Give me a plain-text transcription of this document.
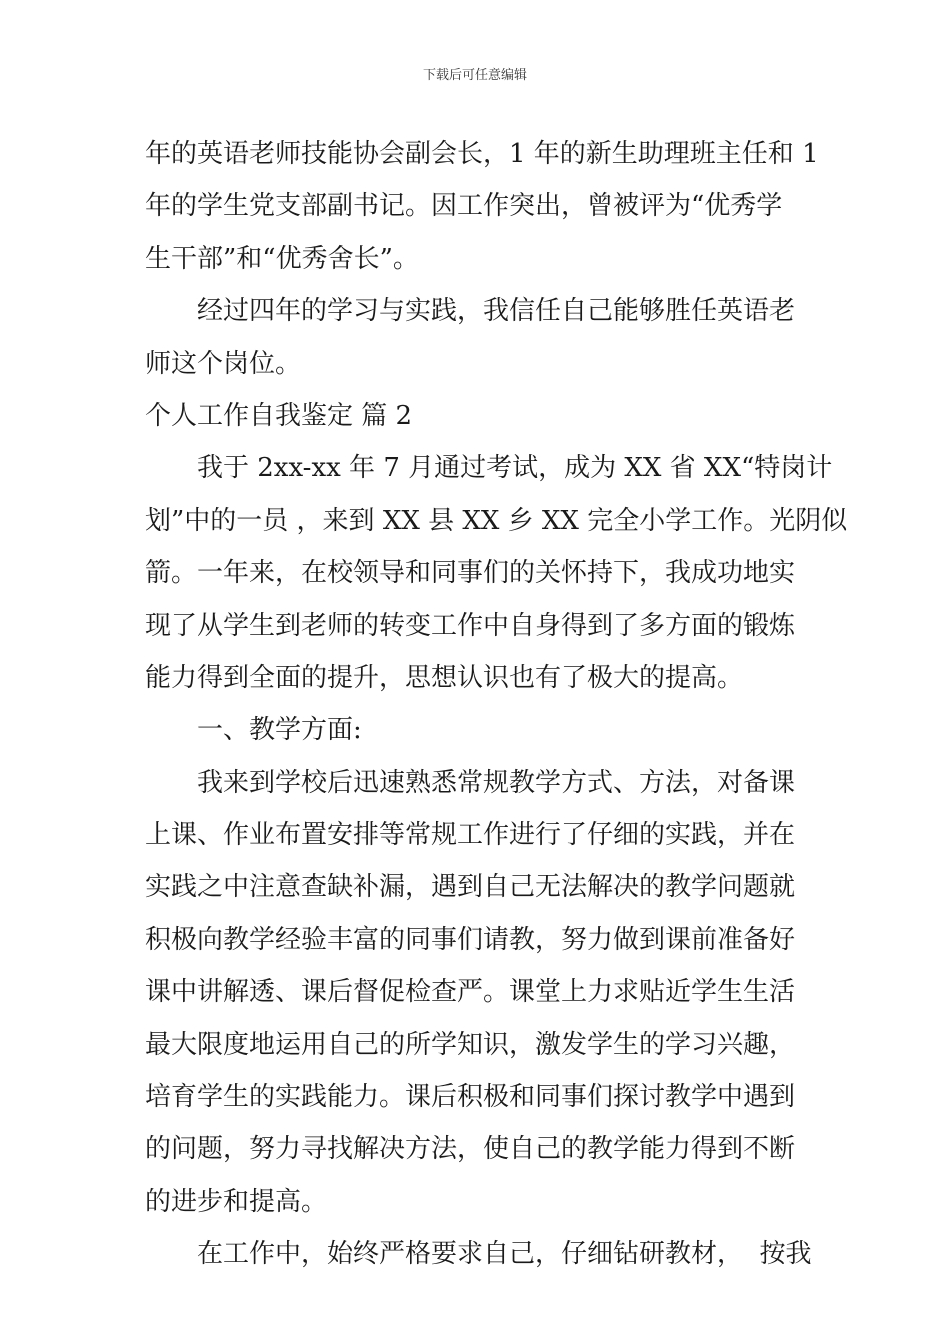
下载后可任意编辑
年的英语老师技能协会副会长，1 年的新生助理班主任和 1
年的学生党支部副书记。因工作突出，曾被评为“优秀学
生干部”和“优秀舍长”。
经过四年的学习与实践，我信任自己能够胜任英语老
师这个岗位。
个人工作自我鉴定 篇 2
我于 2xx-xx 年 7 月通过考试，成为 XX 省 XX“特岗计
划”中的一员 ，来到 XX 县 XX 乡 XX 完全小学工作。光阴似
箭。一年来，在校领导和同事们的关怀持下，我成功地实
现了从学生到老师的转变工作中自身得到了多方面的锻炼
能力得到全面的提升，思想认识也有了极大的提高。
一、教学方面:
我来到学校后迅速熟悉常规教学方式、方法，对备课
上课、作业布置安排等常规工作进行了仔细的实践，并在
实践之中注意查缺补漏，遇到自己无法解决的教学问题就
积极向教学经验丰富的同事们请教，努力做到课前准备好
课中讲解透、课后督促检查严。课堂上力求贴近学生生活
最大限度地运用自己的所学知识，激发学生的学习兴趣，
培育学生的实践能力。课后积极和同事们探讨教学中遇到
的问题，努力寻找解决方法，使自己的教学能力得到不断
的进步和提高。
在工作中，始终严格要求自己，仔细钻研教材，  按我
